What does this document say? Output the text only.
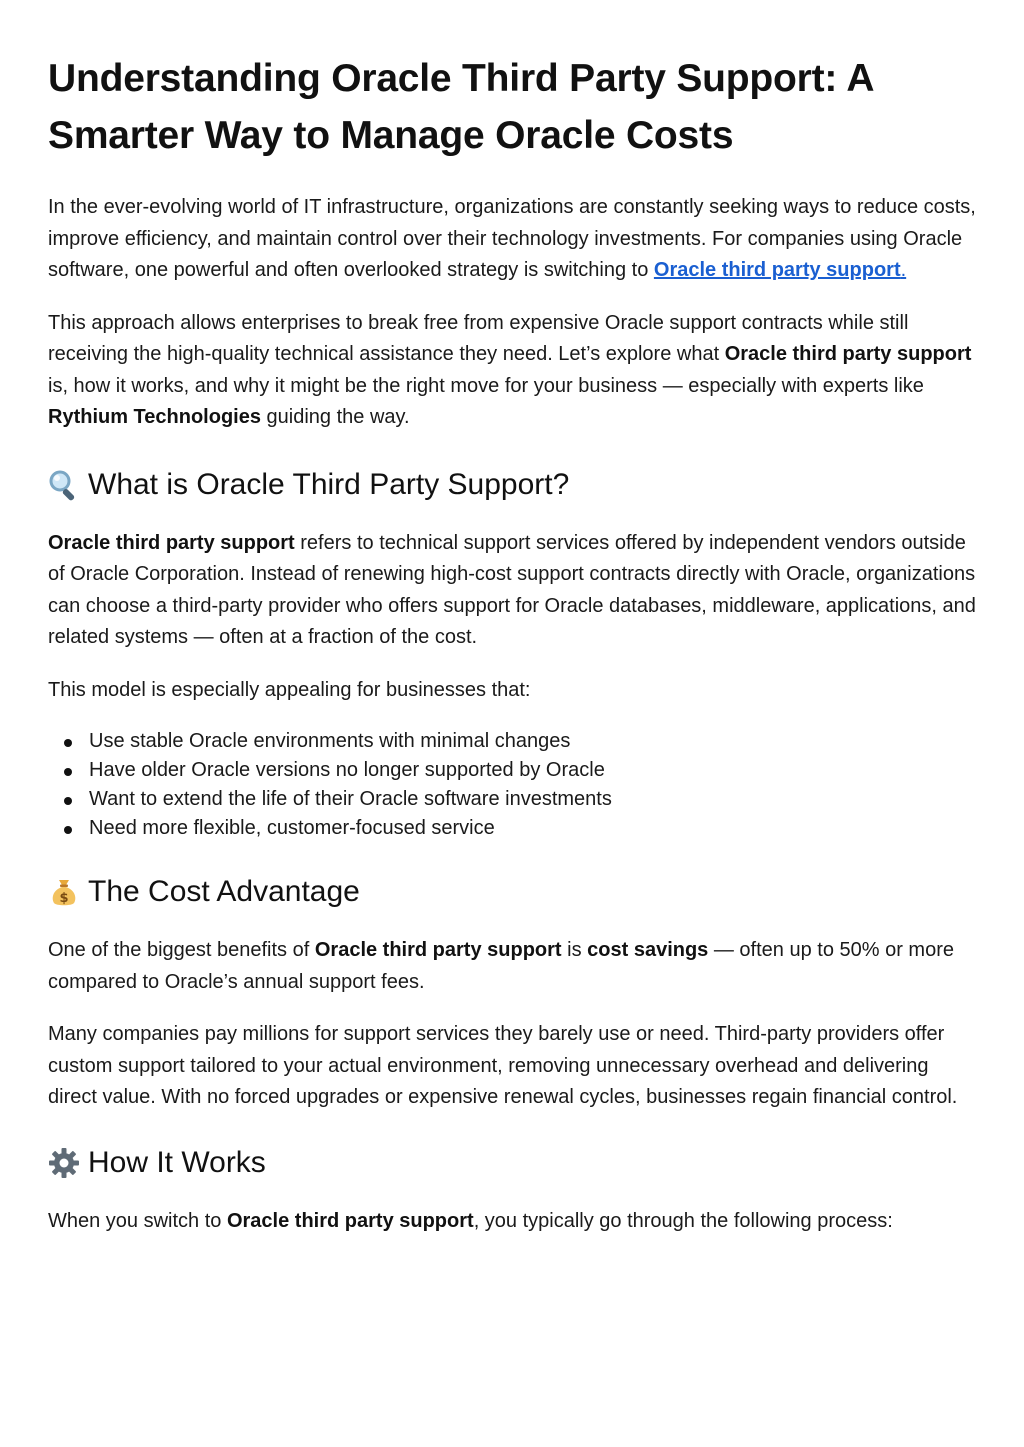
Understanding Oracle Third Party Support: A Smarter Way to Manage Oracle Costs

In the ever-evolving world of IT infrastructure, organizations are constantly seeking ways to reduce costs, improve efficiency, and maintain control over their technology investments. For companies using Oracle software, one powerful and often overlooked strategy is switching to Oracle third party support.

This approach allows enterprises to break free from expensive Oracle support contracts while still receiving the high-quality technical assistance they need. Let’s explore what Oracle third party support is, how it works, and why it might be the right move for your business — especially with experts like Rythium Technologies guiding the way.

What is Oracle Third Party Support?

Oracle third party support refers to technical support services offered by independent vendors outside of Oracle Corporation. Instead of renewing high-cost support contracts directly with Oracle, organizations can choose a third-party provider who offers support for Oracle databases, middleware, applications, and related systems — often at a fraction of the cost.

This model is especially appealing for businesses that:

Use stable Oracle environments with minimal changes
Have older Oracle versions no longer supported by Oracle
Want to extend the life of their Oracle software investments
Need more flexible, customer-focused service
$ The Cost Advantage

One of the biggest benefits of Oracle third party support is cost savings — often up to 50% or more compared to Oracle’s annual support fees.

Many companies pay millions for support services they barely use or need. Third-party providers offer custom support tailored to your actual environment, removing unnecessary overhead and delivering direct value. With no forced upgrades or expensive renewal cycles, businesses regain financial control.

How It Works

When you switch to Oracle third party support, you typically go through the following process:
